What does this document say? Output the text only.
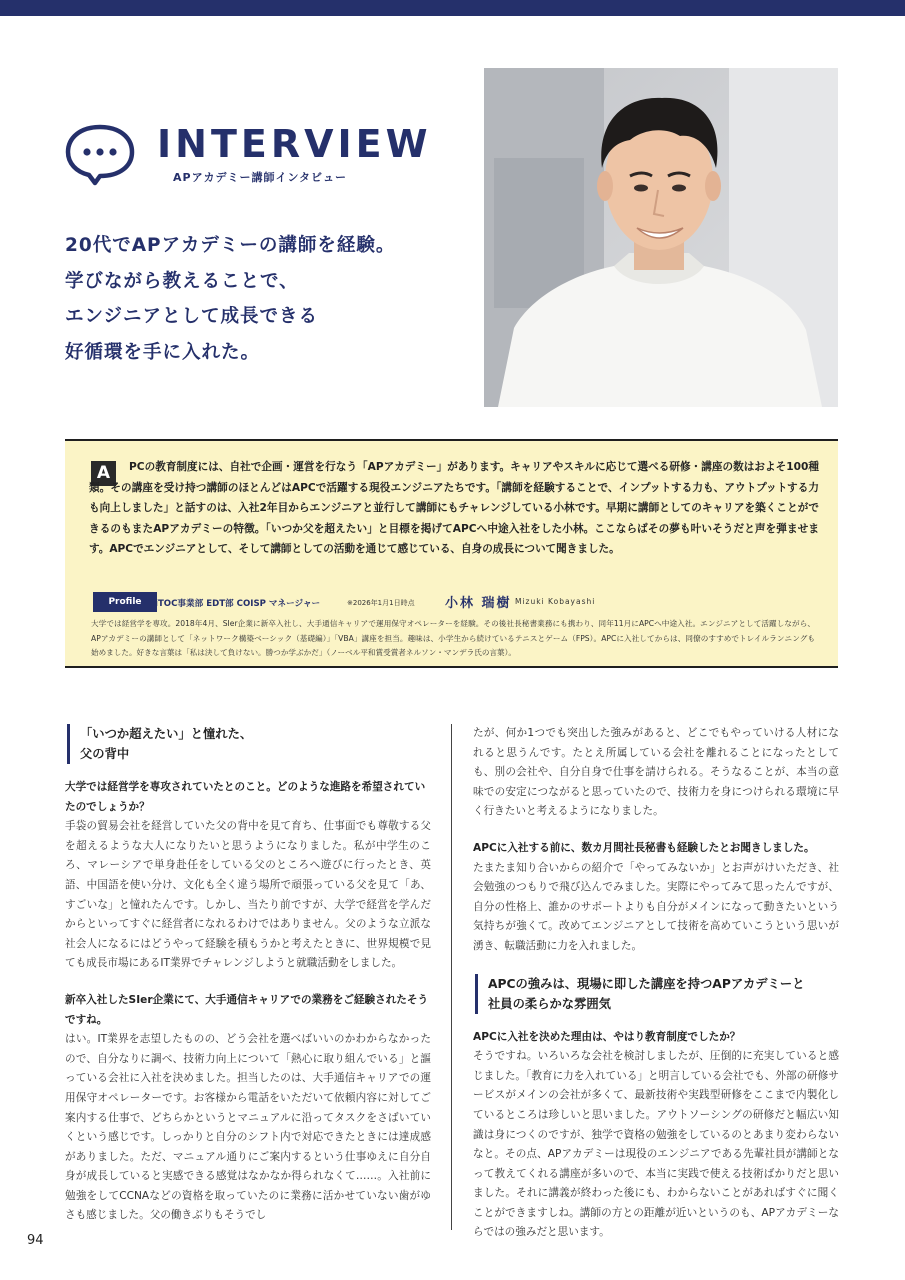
INTERVIEW
APアカデミー講師インタビュー
20代でAPアカデミーの講師を経験。
学びながら教えることで、
エンジニアとして成長できる
好循環を手に入れた。
A	PCの教育制度には、自社で企画・運営を行なう「APアカデミー」があります。キャリアやスキルに応じて選べる研修・講座の数はおよそ100種類。その講座を受け持つ講師のほとんどはAPCで活躍する現役エンジニアたちです。「講師を経験することで、インプットする力も、アウトプットする力も向上しました」と話すのは、入社2年目からエンジニアと並行して講師にもチャレンジしている小林です。早期に講師としてのキャリアを築くことができるのもまたAPアカデミーの特徴。「いつか父を超えたい」と目標を掲げてAPCへ中途入社をした小林。ここならばその夢も叶いそうだと声を弾ませます。APCでエンジニアとして、そして講師としての活動を通じて感じている、自身の成長について聞きました。
Profile	iTOC事業部 EDT部 COISP マネージャー	※2026年1月1日時点 小林 瑞樹 Mizuki Kobayashi
大学では経営学を専攻。2018年4月、SIer企業に新卒入社し、大手通信キャリアで運用保守オペレーターを経験。その後社長秘書業務にも携わり、同年11月にAPCへ中途入社。エンジニアとして活躍しながら、APアカデミーの講師として「ネットワーク構築ベーシック（基礎編）」「VBA」講座を担当。趣味は、小学生から続けているテニスとゲーム（FPS）。APCに入社してからは、同僚のすすめでトレイルランニングも始めました。好きな言葉は「私は決して負けない。勝つか学ぶかだ」（ノーベル平和賞受賞者ネルソン・マンデラ氏の言葉）。
「いつか超えたい」と憧れた、
父の背中

大学では経営学を専攻されていたとのこと。どのような進路を希望されていたのでしょうか？

手袋の貿易会社を経営していた父の背中を見て育ち、仕事面でも尊敬する父を超えるような大人になりたいと思うようになりました。私が中学生のころ、マレーシアで単身赴任をしている父のところへ遊びに行ったとき、英語、中国語を使い分け、文化も全く違う場所で頑張っている父を見て「あ、すごいな」と憧れたんです。しかし、当たり前ですが、大学で経営を学んだからといってすぐに経営者になれるわけではありません。父のような立派な社会人になるにはどうやって経験を積もうかと考えたときに、世界規模で見ても成長市場にあるIT業界でチャレンジしようと就職活動をしました。

新卒入社したSIer企業にて、大手通信キャリアでの業務をご経験されたそうですね。

はい。IT業界を志望したものの、どう会社を選べばいいのかわからなかったので、自分なりに調べ、技術力向上について「熱心に取り組んでいる」と謳っている会社に入社を決めました。担当したのは、大手通信キャリアでの運用保守オペレーターです。お客様から電話をいただいて依頼内容に対してご案内する仕事で、どちらかというとマニュアルに沿ってタスクをさばいていくという感じです。しっかりと自分のシフト内で対応できたときには達成感がありました。ただ、マニュアル通りにご案内するという仕事ゆえに自分自身が成長していると実感できる感覚はなかなか得られなくて……。入社前に勉強をしてCCNAなどの資格を取っていたのに業務に活かせていない歯がゆさも感じました。父の働きぶりもそうでし

たが、何か1つでも突出した強みがあると、どこでもやっていける人材になれると思うんです。たとえ所属している会社を離れることになったとしても、別の会社や、自分自身で仕事を請けられる。そうなることが、本当の意味での安定につながると思っていたので、技術力を身につけられる環境に早く行きたいと考えるようになりました。

APCに入社する前に、数カ月間社長秘書も経験したとお聞きしました。

たまたま知り合いからの紹介で「やってみないか」とお声がけいただき、社会勉強のつもりで飛び込んでみました。実際にやってみて思ったんですが、自分の性格上、誰かのサポートよりも自分がメインになって動きたいという気持ちが強くて。改めてエンジニアとして技術を高めていこうという思いが湧き、転職活動に力を入れました。

APCの強みは、現場に即した講座を持つAPアカデミーと
社員の柔らかな雰囲気

APCに入社を決めた理由は、やはり教育制度でしたか？

そうですね。いろいろな会社を検討しましたが、圧倒的に充実していると感じました。「教育に力を入れている」と明言している会社でも、外部の研修サービスがメインの会社が多くて、最新技術や実践型研修をここまで内製化しているところは珍しいと思いました。アウトソーシングの研修だと幅広い知識は身につくのですが、独学で資格の勉強をしているのとあまり変わらないなと。その点、APアカデミーは現役のエンジニアである先輩社員が講師となって教えてくれる講座が多いので、本当に実践で使える技術ばかりだと思いました。それに講義が終わった後にも、わからないことがあればすぐに聞くことができますしね。講師の方との距離が近いというのも、APアカデミーならではの強みだと思います。

94
